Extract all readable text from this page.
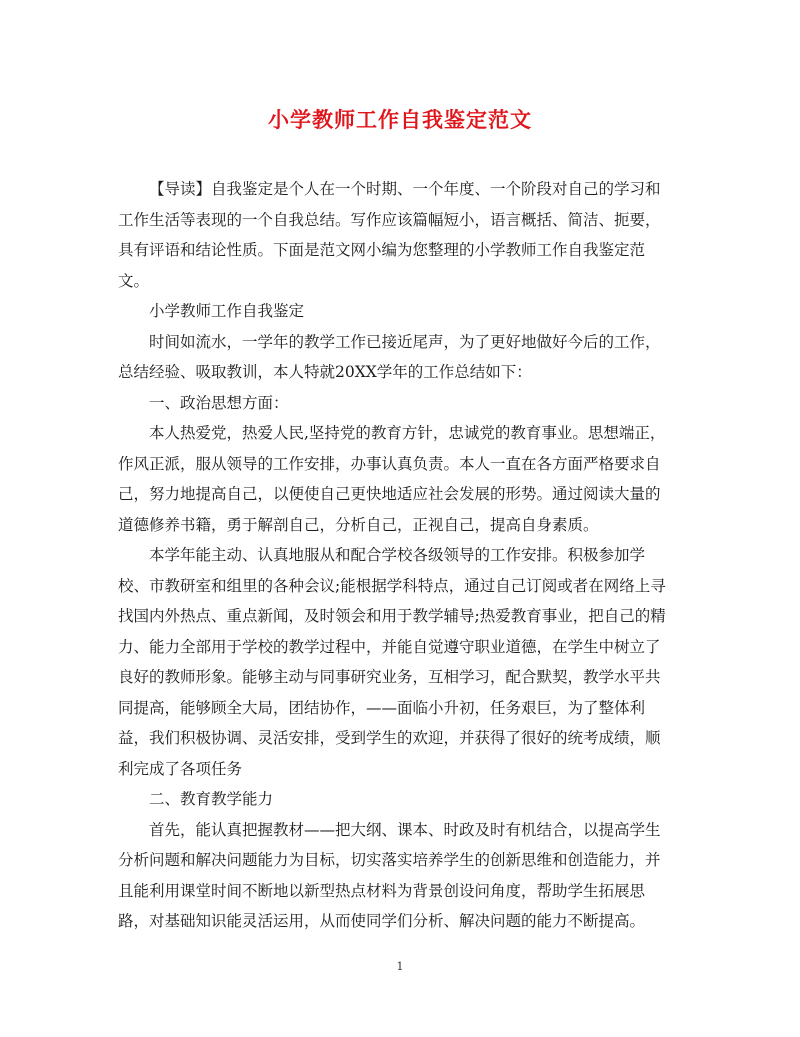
小学教师工作自我鉴定范文

【导读】自我鉴定是个人在一个时期、一个年度、一个阶段对自己的学习和工作生活等表现的一个自我总结。写作应该篇幅短小，语言概括、简洁、扼要，具有评语和结论性质。下面是范文网小编为您整理的小学教师工作自我鉴定范文。

小学教师工作自我鉴定

时间如流水，一学年的教学工作已接近尾声，为了更好地做好今后的工作，总结经验、吸取教训，本人特就20XX学年的工作总结如下：

一、政治思想方面：

本人热爱党，热爱人民,坚持党的教育方针，忠诚党的教育事业。思想端正，作风正派，服从领导的工作安排，办事认真负责。本人一直在各方面严格要求自己，努力地提高自己，以便使自己更快地适应社会发展的形势。通过阅读大量的道德修养书籍，勇于解剖自己，分析自己，正视自己，提高自身素质。

本学年能主动、认真地服从和配合学校各级领导的工作安排。积极参加学校、市教研室和组里的各种会议;能根据学科特点，通过自己订阅或者在网络上寻找国内外热点、重点新闻，及时领会和用于教学辅导;热爱教育事业，把自己的精力、能力全部用于学校的教学过程中，并能自觉遵守职业道德，在学生中树立了良好的教师形象。能够主动与同事研究业务，互相学习，配合默契，教学水平共同提高，能够顾全大局，团结协作，——面临小升初，任务艰巨，为了整体利益，我们积极协调、灵活安排，受到学生的欢迎，并获得了很好的统考成绩，顺利完成了各项任务

二、教育教学能力

首先，能认真把握教材——把大纲、课本、时政及时有机结合，以提高学生分析问题和解决问题能力为目标，切实落实培养学生的创新思维和创造能力，并且能利用课堂时间不断地以新型热点材料为背景创设问角度，帮助学生拓展思路，对基础知识能灵活运用，从而使同学们分析、解决问题的能力不断提高。

1
